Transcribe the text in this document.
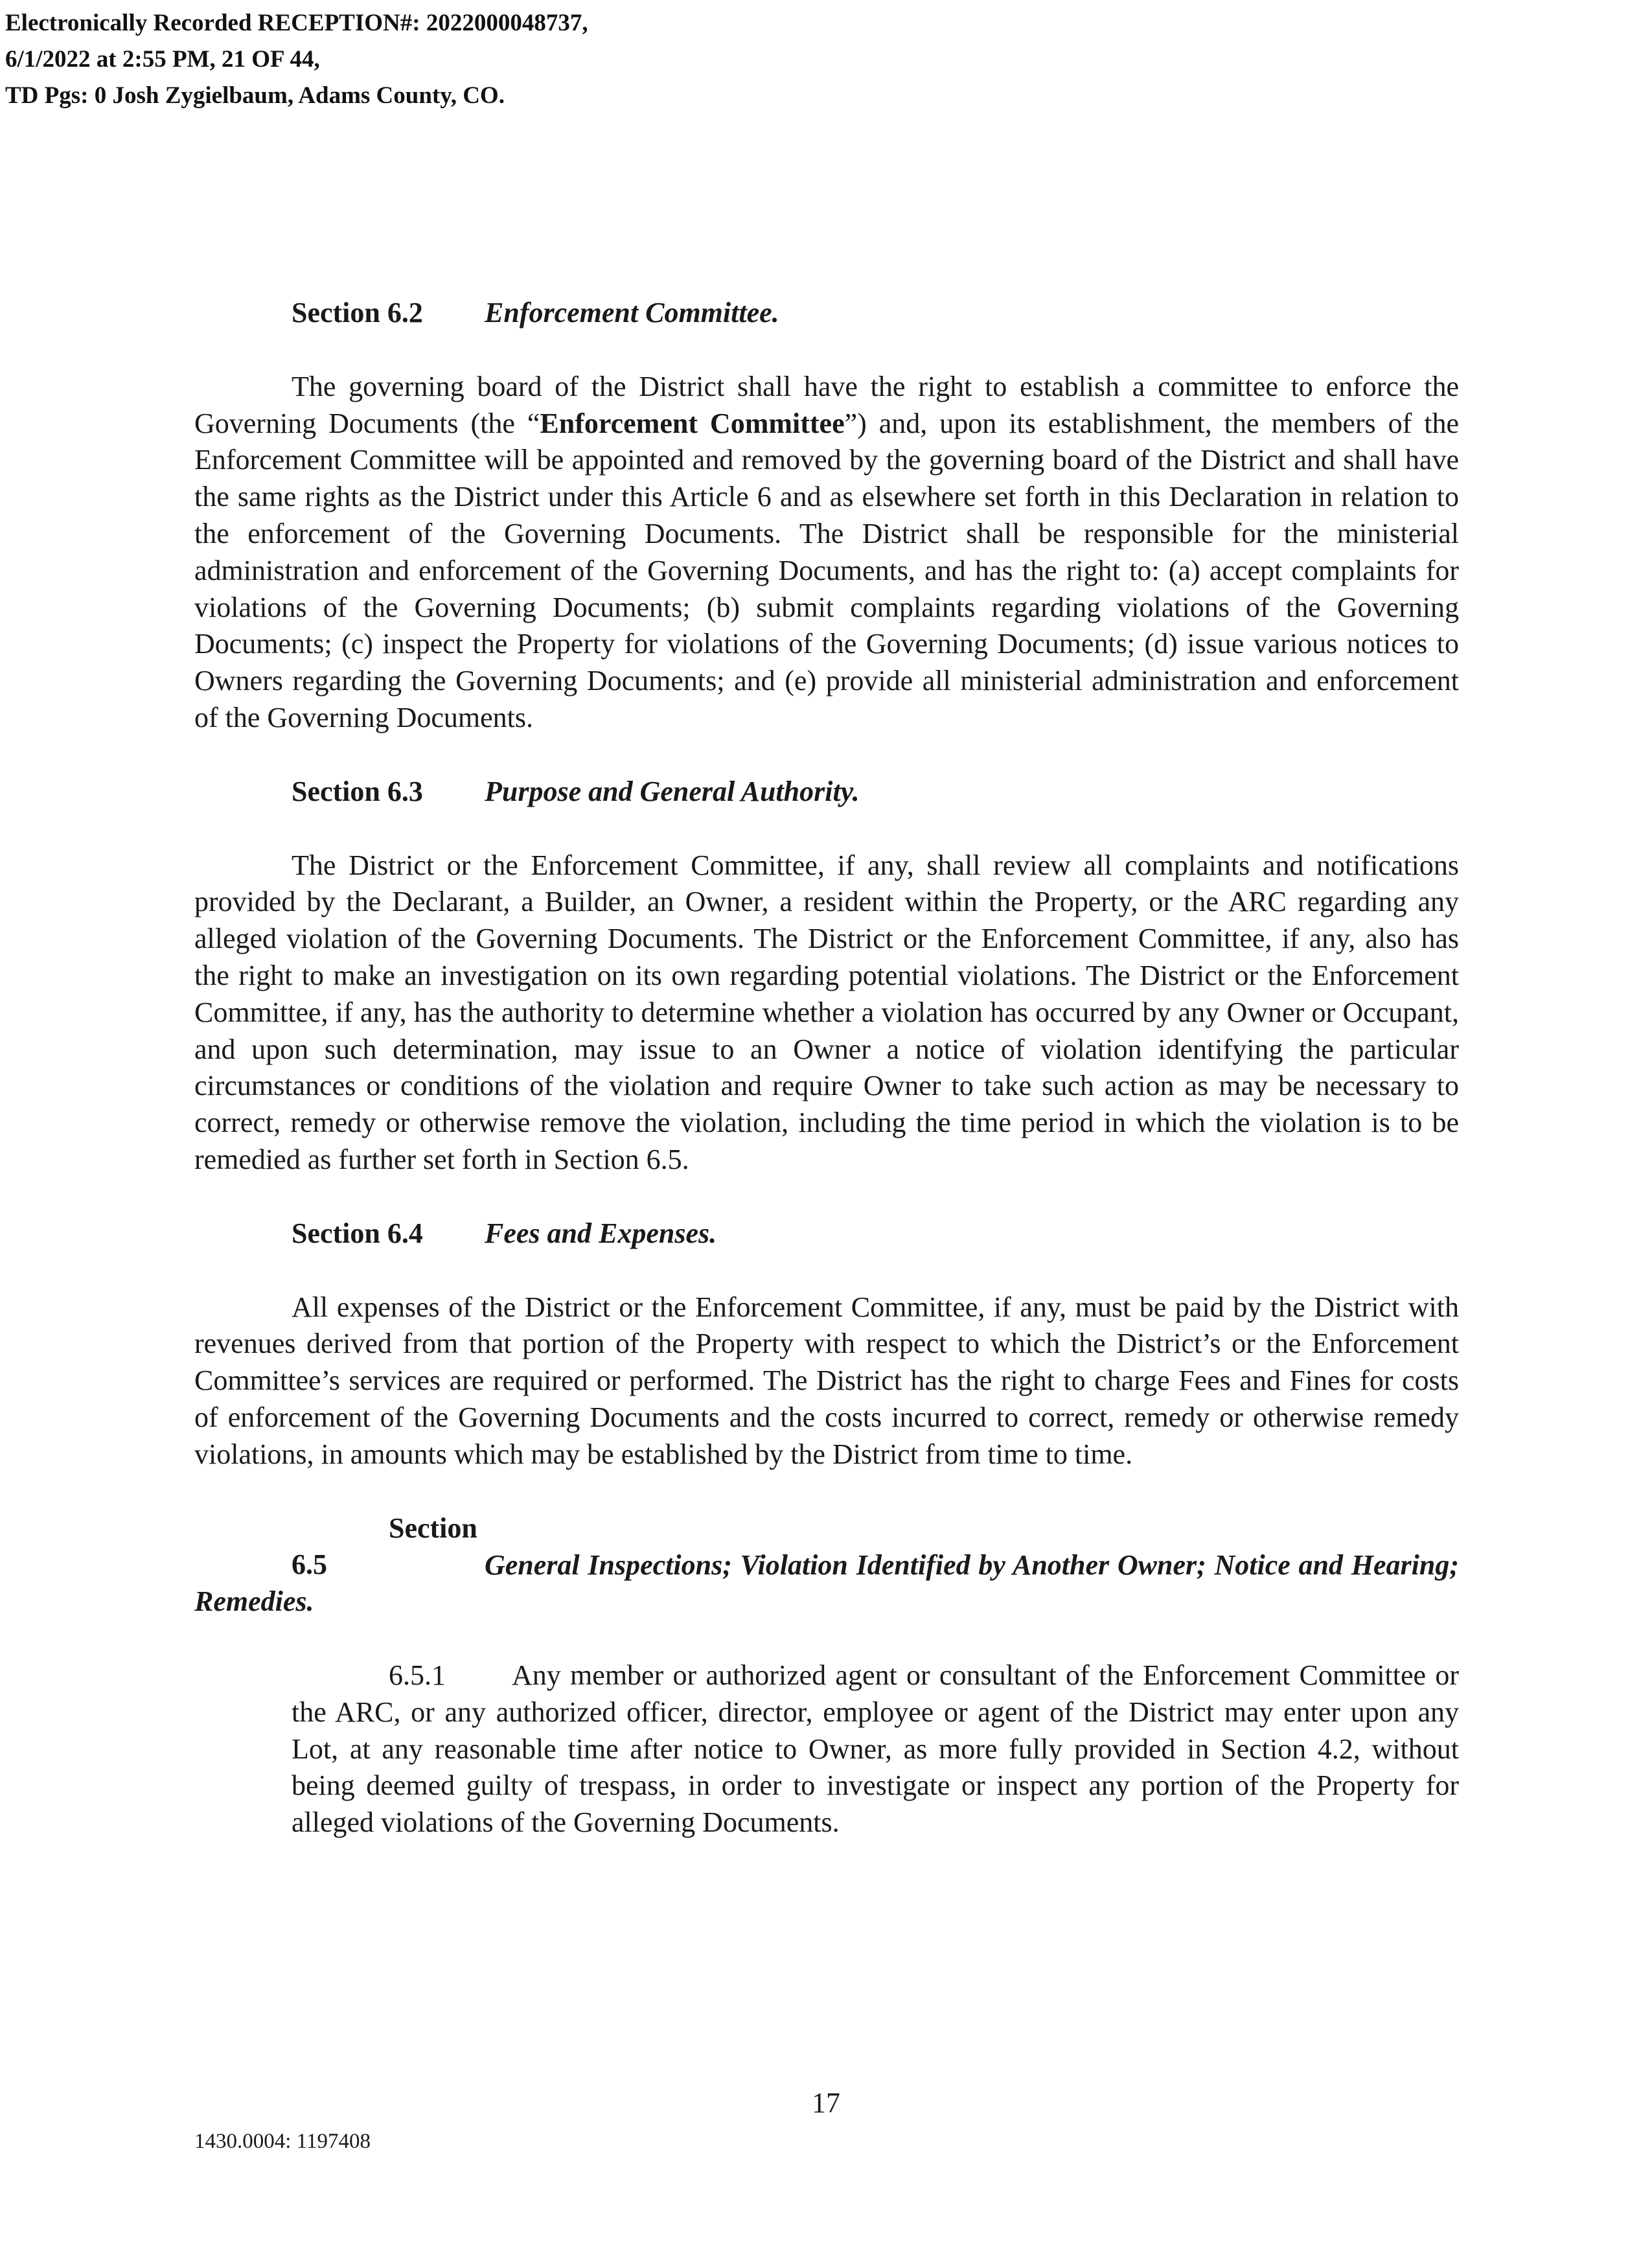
Electronically Recorded RECEPTION#: 2022000048737,
6/1/2022 at 2:55 PM, 21 OF 44,
TD Pgs: 0 Josh Zygielbaum, Adams County, CO.

Section 6.2 Enforcement Committee.

The governing board of the District shall have the right to establish a committee to enforce the Governing Documents (the “Enforcement Committee”) and, upon its establishment, the members of the Enforcement Committee will be appointed and removed by the governing board of the District and shall have the same rights as the District under this Article 6 and as elsewhere set forth in this Declaration in relation to the enforcement of the Governing Documents. The District shall be responsible for the ministerial administration and enforcement of the Governing Documents, and has the right to: (a) accept complaints for violations of the Governing Documents; (b) submit complaints regarding violations of the Governing Documents; (c) inspect the Property for violations of the Governing Documents; (d) issue various notices to Owners regarding the Governing Documents; and (e) provide all ministerial administration and enforcement of the Governing Documents.

Section 6.3 Purpose and General Authority.

The District or the Enforcement Committee, if any, shall review all complaints and notifications provided by the Declarant, a Builder, an Owner, a resident within the Property, or the ARC regarding any alleged violation of the Governing Documents. The District or the Enforcement Committee, if any, also has the right to make an investigation on its own regarding potential violations. The District or the Enforcement Committee, if any, has the authority to determine whether a violation has occurred by any Owner or Occupant, and upon such determination, may issue to an Owner a notice of violation identifying the particular circumstances or conditions of the violation and require Owner to take such action as may be necessary to correct, remedy or otherwise remove the violation, including the time period in which the violation is to be remedied as further set forth in Section 6.5.

Section 6.4 Fees and Expenses.

All expenses of the District or the Enforcement Committee, if any, must be paid by the District with revenues derived from that portion of the Property with respect to which the District’s or the Enforcement Committee’s services are required or performed. The District has the right to charge Fees and Fines for costs of enforcement of the Governing Documents and the costs incurred to correct, remedy or otherwise remedy violations, in amounts which may be established by the District from time to time.

Section 6.5	General Inspections; Violation Identified by Another Owner; Notice and Hearing; Remedies.

6.5.1 Any member or authorized agent or consultant of the Enforcement Committee or the ARC, or any authorized officer, director, employee or agent of the District may enter upon any Lot, at any reasonable time after notice to Owner, as more fully provided in Section 4.2, without being deemed guilty of trespass, in order to investigate or inspect any portion of the Property for alleged violations of the Governing Documents.

17
1430.0004: 1197408
